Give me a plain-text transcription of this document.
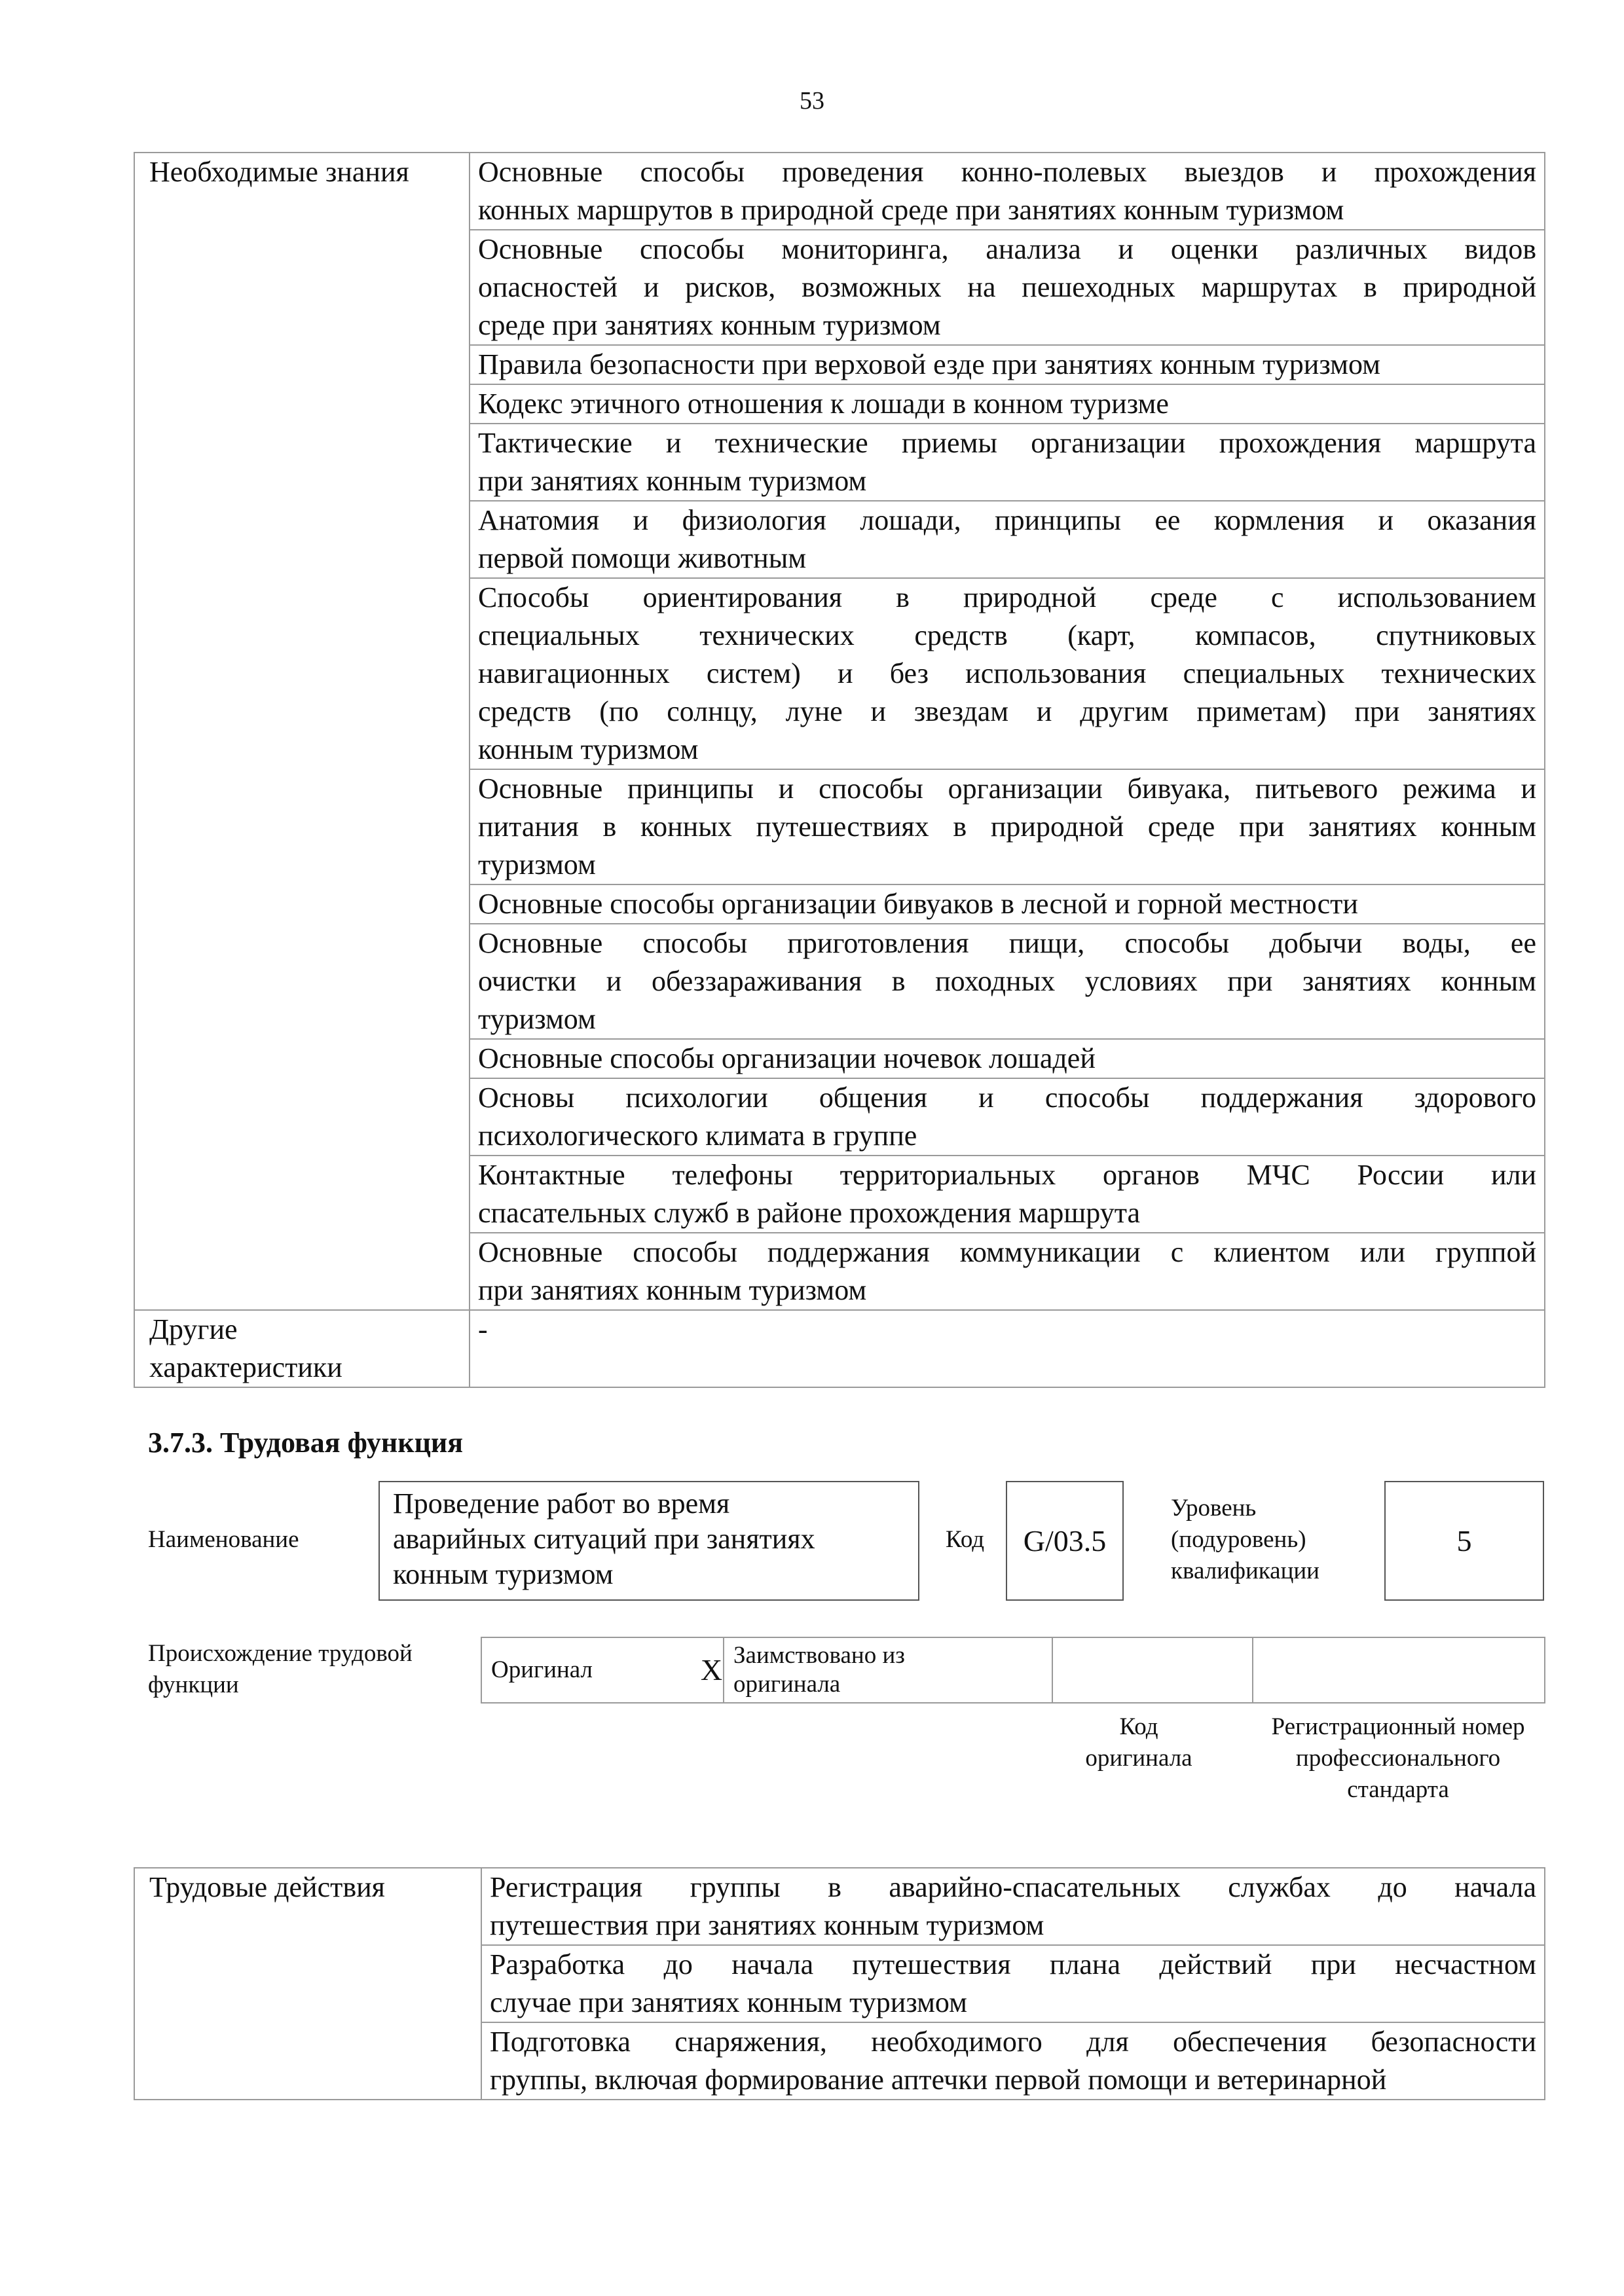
53
Необходимые знания	Основные способы проведения конно-полевых выездов и прохождения
конных маршрутов в природной среде при занятиях конным туризмом

	Основные способы мониторинга, анализа и оценки различных видов
опасностей и рисков, возможных на пешеходных маршрутах в природной
среде при занятиях конным туризмом

	Правила безопасности при верховой езде при занятиях конным туризмом

	Кодекс этичного отношения к лошади в конном туризме

	Тактические и технические приемы организации прохождения маршрута
при занятиях конным туризмом

	Анатомия и физиология лошади, принципы ее кормления и оказания
первой помощи животным

	Способы ориентирования в природной среде с использованием
специальных технических средств (карт, компасов, спутниковых
навигационных систем) и без использования специальных технических
средств (по солнцу, луне и звездам и другим приметам) при занятиях
конным туризмом

	Основные принципы и способы организации бивуака, питьевого режима и
питания в конных путешествиях в природной среде при занятиях конным
туризмом

	Основные способы организации бивуаков в лесной и горной местности

	Основные способы приготовления пищи, способы добычи воды, ее
очистки и обеззараживания в походных условиях при занятиях конным
туризмом

	Основные способы организации ночевок лошадей

	Основы психологии общения и способы поддержания здорового
психологического климата в группе

	Контактные телефоны территориальных органов МЧС России или
спасательных служб в районе прохождения маршрута

	Основные способы поддержания коммуникации с клиентом или группой
при занятиях конным туризмом

Другие
характеристики	-
3.7.3. Трудовая функция
Наименование
Проведение работ во время
аварийных ситуаций при занятиях
конным туризмом
Код	G/03.5
Уровень
(подуровень)
квалификации
5
Происхождение трудовой
функции
Оригинал	X	Заимствовано из
оригинала

Код
оригинала
Регистрационный номер
профессионального
стандарта
Трудовые действия	Регистрация группы в аварийно-спасательных службах до начала
путешествия при занятиях конным туризмом

Разработка до начала путешествия плана действий при несчастном
случае при занятиях конным туризмом

Подготовка снаряжения, необходимого для обеспечения безопасности
группы, включая формирование аптечки первой помощи и ветеринарной
